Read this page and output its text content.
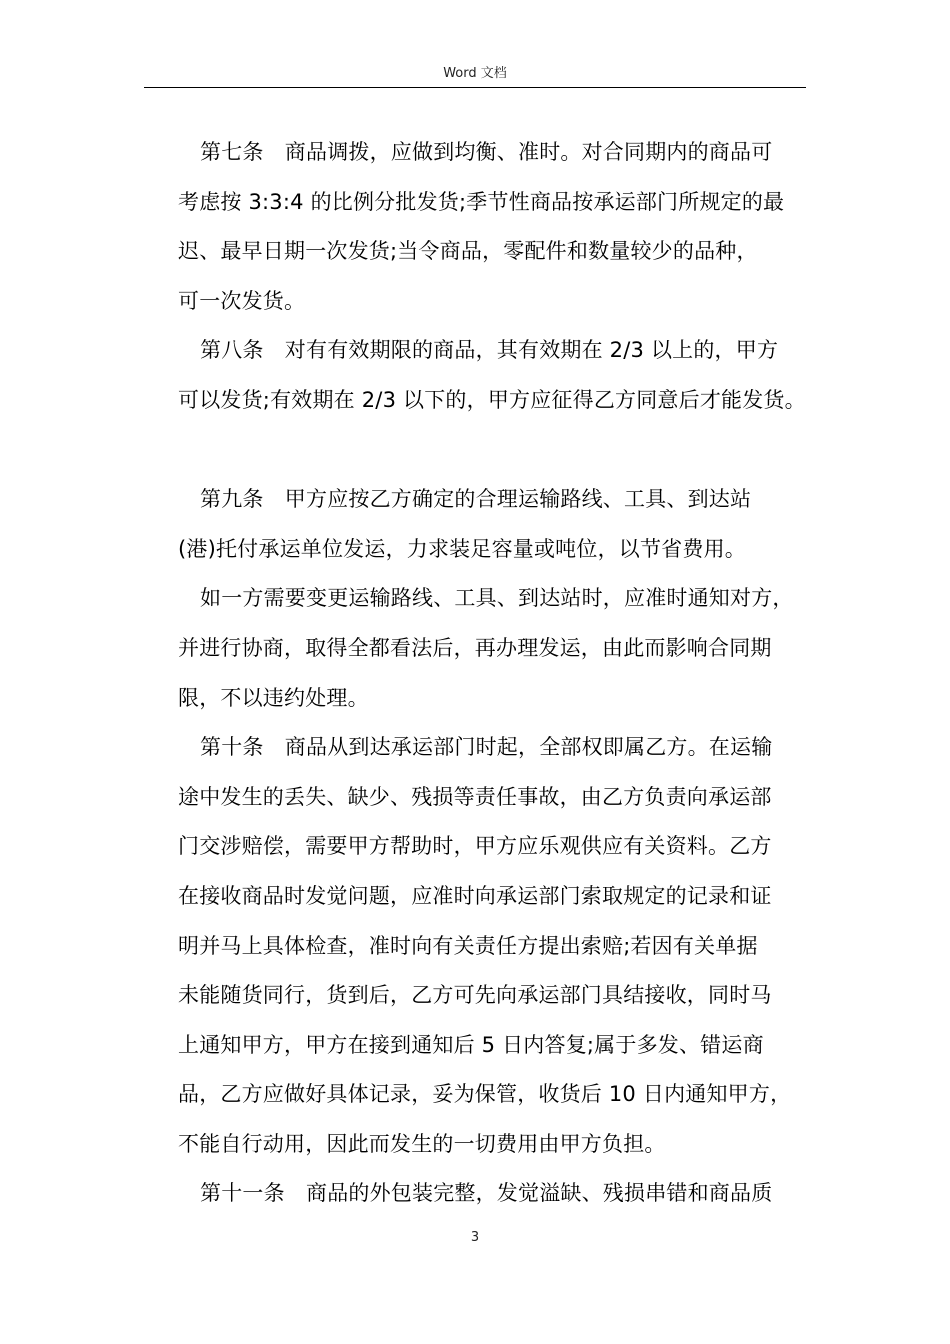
Word 文档
第七条　商品调拨，应做到均衡、准时。对合同期内的商品可
考虑按 3:3:4 的比例分批发货;季节性商品按承运部门所规定的最
迟、最早日期一次发货;当令商品，零配件和数量较少的品种，
可一次发货。
第八条　对有有效期限的商品，其有效期在 2/3 以上的，甲方
可以发货;有效期在 2/3 以下的，甲方应征得乙方同意后才能发货。
第九条　甲方应按乙方确定的合理运输路线、工具、到达站
(港)托付承运单位发运，力求装足容量或吨位，以节省费用。
如一方需要变更运输路线、工具、到达站时，应准时通知对方，
并进行协商，取得全都看法后，再办理发运，由此而影响合同期
限，不以违约处理。
第十条　商品从到达承运部门时起，全部权即属乙方。在运输
途中发生的丢失、缺少、残损等责任事故，由乙方负责向承运部
门交涉赔偿，需要甲方帮助时，甲方应乐观供应有关资料。乙方
在接收商品时发觉问题，应准时向承运部门索取规定的记录和证
明并马上具体检查，准时向有关责任方提出索赔;若因有关单据
未能随货同行，货到后，乙方可先向承运部门具结接收，同时马
上通知甲方，甲方在接到通知后 5 日内答复;属于多发、错运商
品，乙方应做好具体记录，妥为保管，收货后 10 日内通知甲方，
不能自行动用，因此而发生的一切费用由甲方负担。
第十一条　商品的外包装完整，发觉溢缺、残损串错和商品质
3
